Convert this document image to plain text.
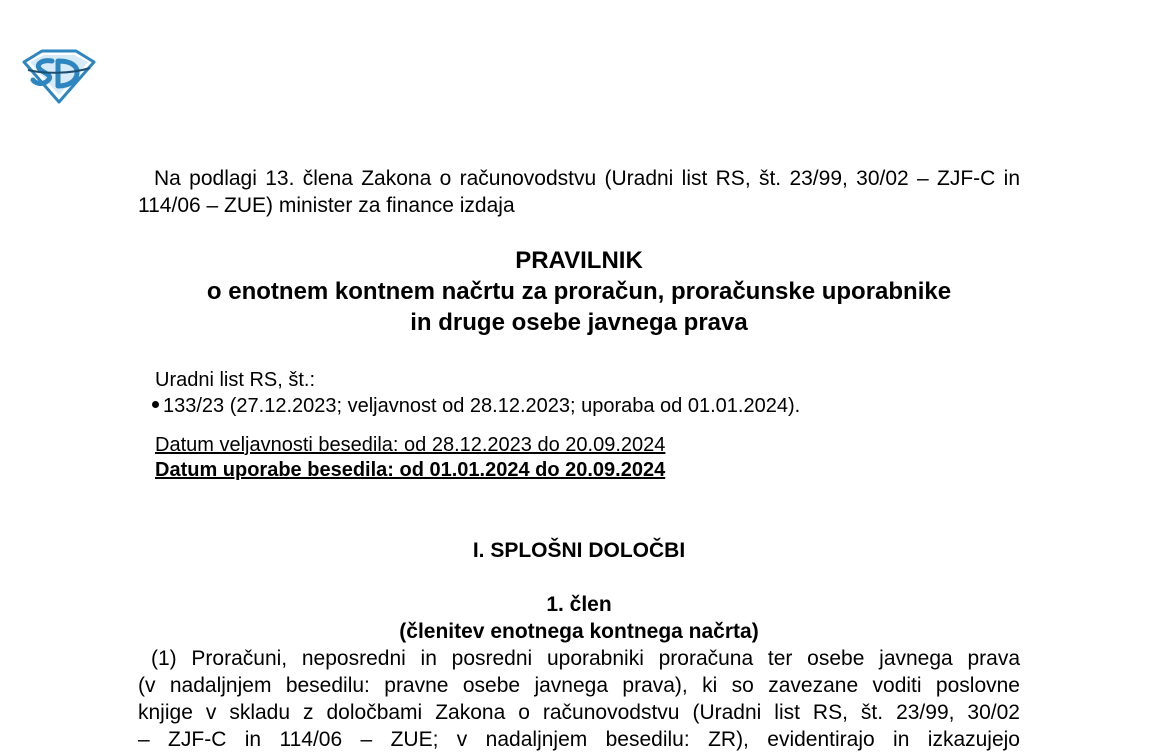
Na podlagi 13. člena Zakona o računovodstvu (Uradni list RS, št. 23/99, 30/02 – ZJF-C in 114/06 – ZUE) minister za finance izdaja

PRAVILNIK
o enotnem kontnem načrtu za proračun, proračunske uporabnike
in druge osebe javnega prava

Uradni list RS, št.:

133/23 (27.12.2023; veljavnost od 28.12.2023; uporaba od 01.01.2024).

Datum veljavnosti besedila: od 28.12.2023 do 20.09.2024

Datum uporabe besedila: od 01.01.2024 do 20.09.2024

I. SPLOŠNI DOLOČBI

1. člen

(členitev enotnega kontnega načrta)

(1) Proračuni, neposredni in posredni uporabniki proračuna ter osebe javnega prava
(v nadaljnjem besedilu: pravne osebe javnega prava), ki so zavezane voditi poslovne
knjige v skladu z določbami Zakona o računovodstvu (Uradni list RS, št. 23/99, 30/02
– ZJF-C in 114/06 – ZUE; v nadaljnjem besedilu: ZR), evidentirajo in izkazujejo
